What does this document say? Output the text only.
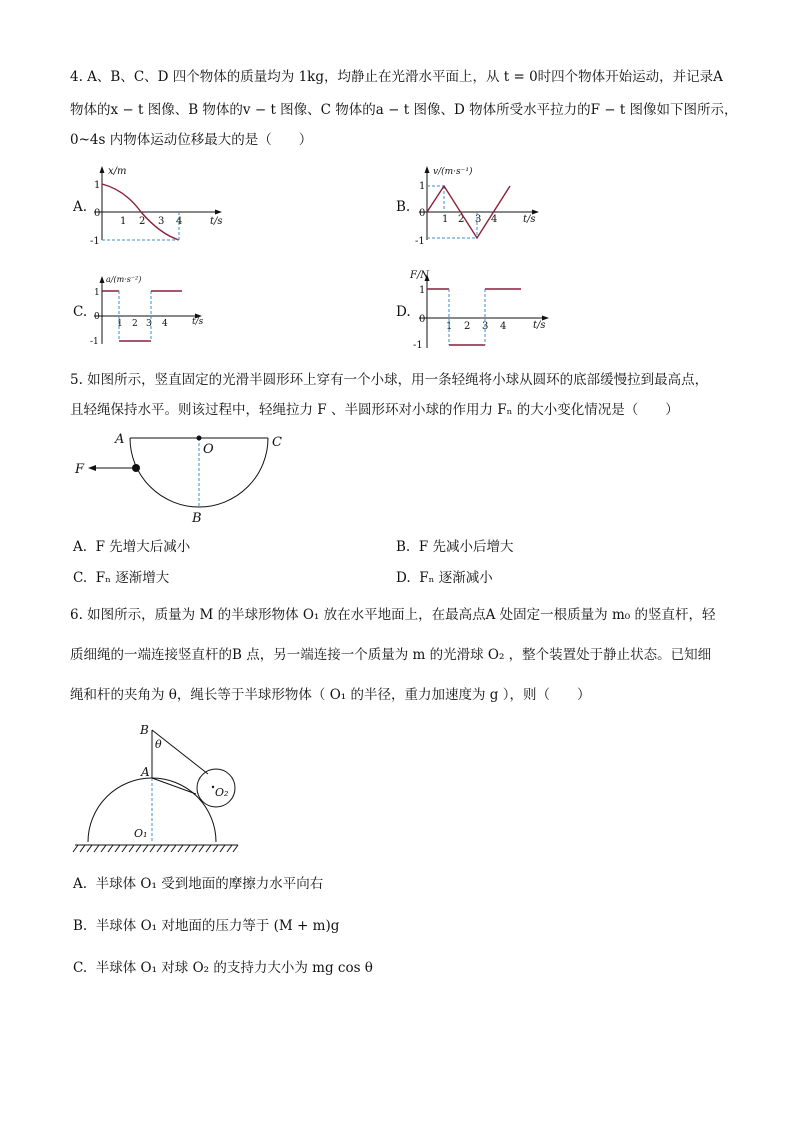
4. A、B、C、D 四个物体的质量均为 1kg，均静止在光滑水平面上，从 t = 0时四个物体开始运动，并记录A
物体的x − t 图像、B 物体的v − t 图像、C 物体的a − t 图像、D 物体所受水平拉力的F − t 图像如下图所示，
0~4s 内物体运动位移最大的是（　　）
A.
x/m
t/s
1
0
-1
1 2 3 4
B.
v/(m·s⁻¹)
t/s
1
0
-1
1 2 3 4
C.
a/(m·s⁻²)
t/s
1
0
-1
1 2 3 4
D.
F/N
t/s
1
0
-1
1 2 3 4
5. 如图所示，竖直固定的光滑半圆形环上穿有一个小球，用一条轻绳将小球从圆环的底部缓慢拉到最高点，
且轻绳保持水平。则该过程中，轻绳拉力 F 、半圆形环对小球的作用力 Fₙ 的大小变化情况是（　　）
A
O	C
B
F
A. F 先增大后减小	B. F 先减小后增大
C. Fₙ 逐渐增大	D. Fₙ 逐渐减小
6. 如图所示，质量为 M 的半球形物体 O₁ 放在水平地面上，在最高点A 处固定一根质量为 m₀ 的竖直杆，轻
质细绳的一端连接竖直杆的B 点，另一端连接一个质量为 m 的光滑球 O₂ ，整个装置处于静止状态。已知细
绳和杆的夹角为 θ，绳长等于半球形物体（ O₁ 的半径，重力加速度为 g ），则（　　）
B
θ
A
O₂
O₁
A. 半球体 O₁ 受到地面的摩擦力水平向右
B. 半球体 O₁ 对地面的压力等于 (M + m)g
C. 半球体 O₁ 对球 O₂ 的支持力大小为 mg cos θ
